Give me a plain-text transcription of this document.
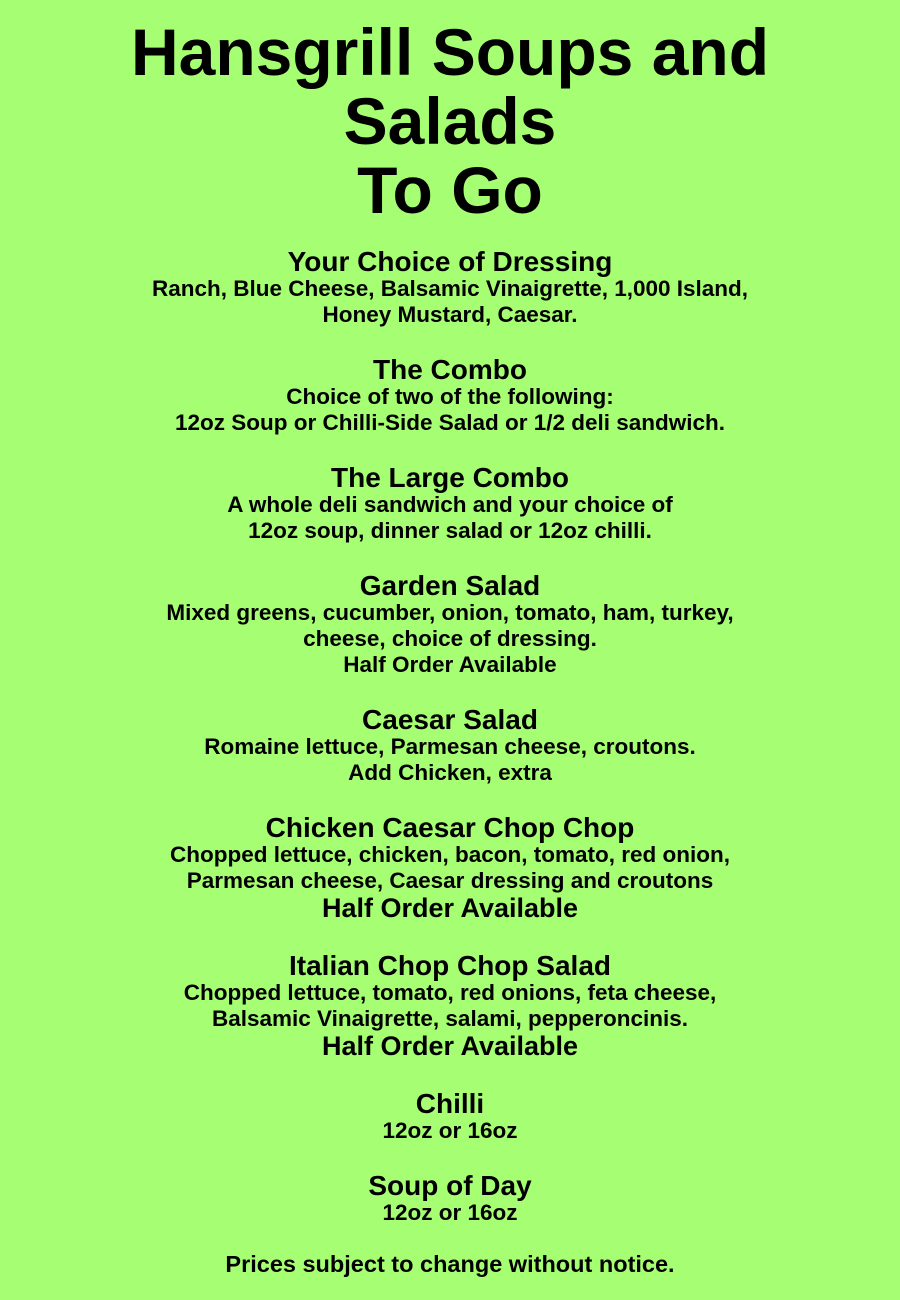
Hansgrill Soups and
Salads
To Go
Your Choice of Dressing
Ranch, Blue Cheese, Balsamic Vinaigrette, 1,000 Island,
Honey Mustard, Caesar.
The Combo
Choice of two of the following:
12oz Soup or Chilli-Side Salad or 1/2 deli sandwich.
The Large Combo
A whole deli sandwich and your choice of
12oz soup, dinner salad or 12oz chilli.
Garden Salad
Mixed greens, cucumber, onion, tomato, ham, turkey,
cheese, choice of dressing.
Half Order Available
Caesar Salad
Romaine lettuce, Parmesan cheese, croutons.
Add Chicken, extra
Chicken Caesar Chop Chop
Chopped lettuce, chicken, bacon, tomato, red onion,
Parmesan cheese, Caesar dressing and croutons
Half Order Available
Italian Chop Chop Salad
Chopped lettuce, tomato, red onions, feta cheese,
Balsamic Vinaigrette, salami, pepperoncinis.
Half Order Available
Chilli
12oz or 16oz
Soup of Day
12oz or 16oz
Prices subject to change without notice.
